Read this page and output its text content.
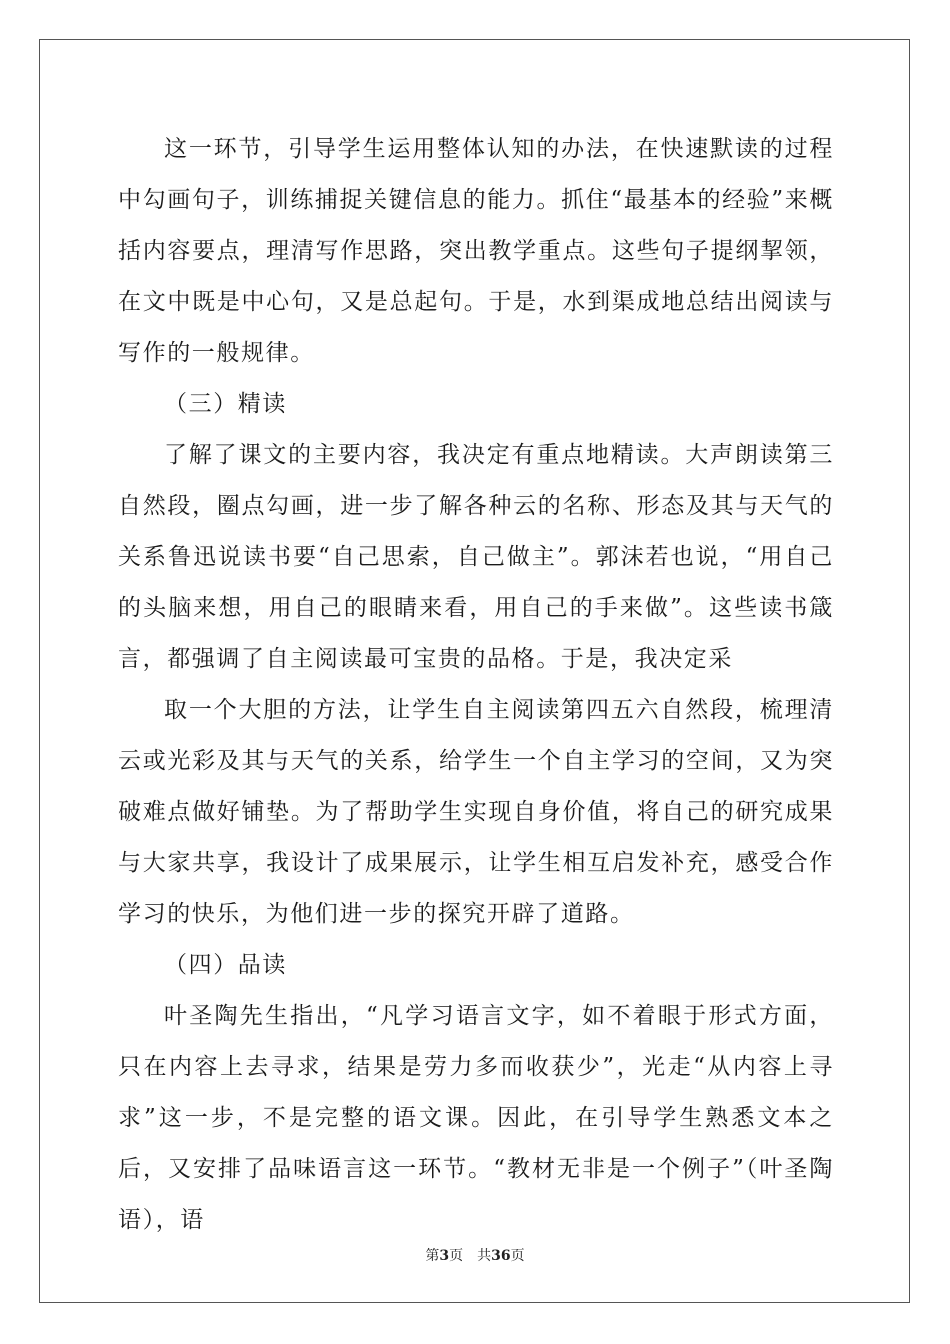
这一环节，引导学生运用整体认知的办法，在快速默读的过程中勾画句子，训练捕捉关键信息的能力。抓住“最基本的经验”来概括内容要点，理清写作思路，突出教学重点。这些句子提纲挈领，在文中既是中心句，又是总起句。于是，水到渠成地总结出阅读与写作的一般规律。

（三）精读

了解了课文的主要内容，我决定有重点地精读。大声朗读第三自然段，圈点勾画，进一步了解各种云的名称、形态及其与天气的关系鲁迅说读书要“自己思索，自己做主”。郭沫若也说，“用自己的头脑来想，用自己的眼睛来看，用自己的手来做”。这些读书箴言，都强调了自主阅读最可宝贵的品格。于是，我决定采

取一个大胆的方法，让学生自主阅读第四五六自然段，梳理清云或光彩及其与天气的关系，给学生一个自主学习的空间，又为突破难点做好铺垫。为了帮助学生实现自身价值，将自己的研究成果与大家共享，我设计了成果展示，让学生相互启发补充，感受合作学习的快乐，为他们进一步的探究开辟了道路。

（四）品读

叶圣陶先生指出，“凡学习语言文字，如不着眼于形式方面，只在内容上去寻求，结果是劳力多而收获少”，光走“从内容上寻求”这一步，不是完整的语文课。因此，在引导学生熟悉文本之后，又安排了品味语言这一环节。“教材无非是一个例子”（叶圣陶语），语

第3页 共36页
